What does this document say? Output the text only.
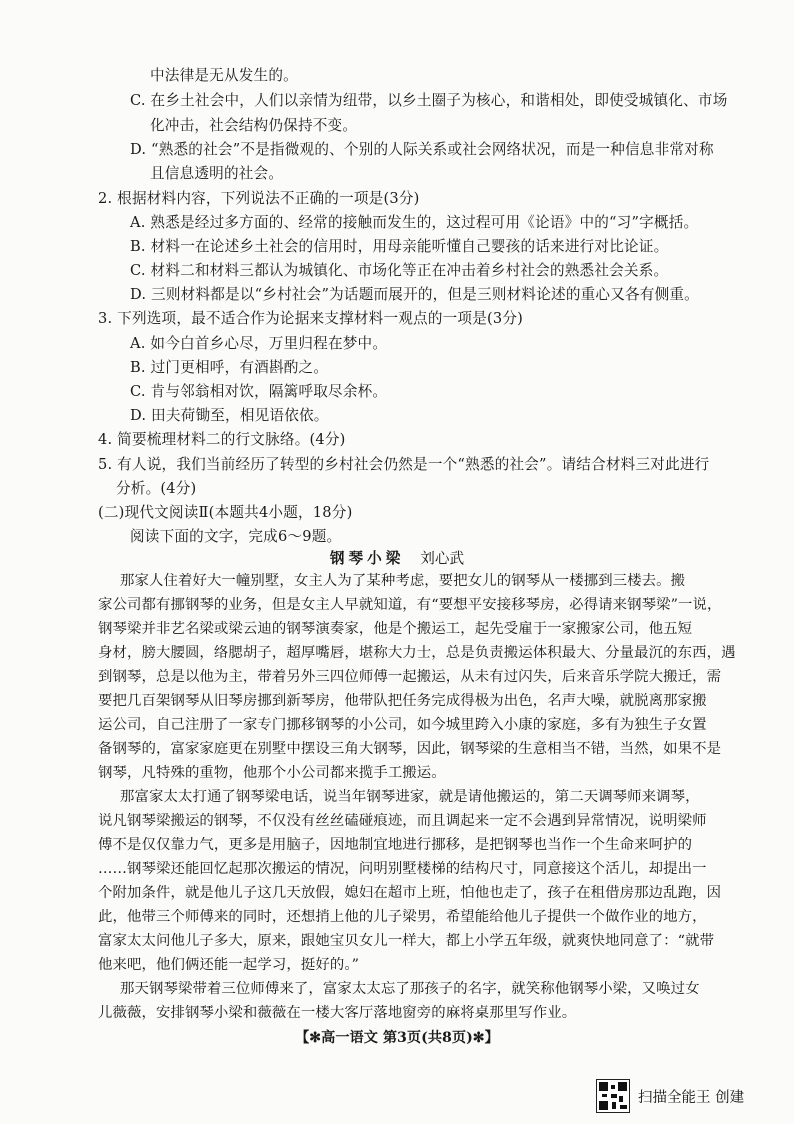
中法律是无从发生的。
C. 在乡土社会中，人们以亲情为纽带，以乡土圈子为核心，和谐相处，即使受城镇化、市场
化冲击，社会结构仍保持不变。
D. “熟悉的社会”不是指微观的、个别的人际关系或社会网络状况，而是一种信息非常对称
且信息透明的社会。
2. 根据材料内容，下列说法不正确的一项是(3分)
A. 熟悉是经过多方面的、经常的接触而发生的，这过程可用《论语》中的“习”字概括。
B. 材料一在论述乡土社会的信用时，用母亲能听懂自己婴孩的话来进行对比论证。
C. 材料二和材料三都认为城镇化、市场化等正在冲击着乡村社会的熟悉社会关系。
D. 三则材料都是以“乡村社会”为话题而展开的，但是三则材料论述的重心又各有侧重。
3. 下列选项，最不适合作为论据来支撑材料一观点的一项是(3分)
A. 如今白首乡心尽，万里归程在梦中。
B. 过门更相呼，有酒斟酌之。
C. 肯与邻翁相对饮，隔篱呼取尽余杯。
D. 田夫荷锄至，相见语依依。
4. 简要梳理材料二的行文脉络。(4分)
5. 有人说，我们当前经历了转型的乡村社会仍然是一个“熟悉的社会”。请结合材料三对此进行
分析。(4分)
(二)现代文阅读Ⅱ(本题共4小题，18分)
阅读下面的文字，完成6～9题。
钢琴小梁 刘心武
那家人住着好大一幢别墅，女主人为了某种考虑，要把女儿的钢琴从一楼挪到三楼去。搬
家公司都有挪钢琴的业务，但是女主人早就知道，有“要想平安接移琴房，必得请来钢琴梁”一说，
钢琴梁并非艺名梁或梁云迪的钢琴演奏家，他是个搬运工，起先受雇于一家搬家公司，他五短
身材，膀大腰圆，络腮胡子，超厚嘴唇，堪称大力士，总是负责搬运体积最大、分量最沉的东西，遇
到钢琴，总是以他为主，带着另外三四位师傅一起搬运，从未有过闪失，后来音乐学院大搬迁，需
要把几百架钢琴从旧琴房挪到新琴房，他带队把任务完成得极为出色，名声大噪，就脱离那家搬
运公司，自己注册了一家专门挪移钢琴的小公司，如今城里跨入小康的家庭，多有为独生子女置
备钢琴的，富家家庭更在别墅中摆设三角大钢琴，因此，钢琴梁的生意相当不错，当然，如果不是
钢琴，凡特殊的重物，他那个小公司都来揽手工搬运。
那富家太太打通了钢琴梁电话，说当年钢琴进家，就是请他搬运的，第二天调琴师来调琴，
说凡钢琴梁搬运的钢琴，不仅没有丝丝磕碰痕迹，而且调起来一定不会遇到异常情况，说明梁师
傅不是仅仅靠力气，更多是用脑子，因地制宜地进行挪移，是把钢琴也当作一个生命来呵护的
……钢琴梁还能回忆起那次搬运的情况，问明别墅楼梯的结构尺寸，同意接这个活儿，却提出一
个附加条件，就是他儿子这几天放假，媳妇在超市上班，怕他也走了，孩子在租借房那边乱跑，因
此，他带三个师傅来的同时，还想捎上他的儿子梁男，希望能给他儿子提供一个做作业的地方，
富家太太问他儿子多大，原来，跟她宝贝女儿一样大，都上小学五年级，就爽快地同意了：“就带
他来吧，他们俩还能一起学习，挺好的。”
那天钢琴梁带着三位师傅来了，富家太太忘了那孩子的名字，就笑称他钢琴小梁，又唤过女
儿薇薇，安排钢琴小梁和薇薇在一楼大客厅落地窗旁的麻将桌那里写作业。
【✻高一语文 第3页(共8页)✻】
扫描全能王 创建
